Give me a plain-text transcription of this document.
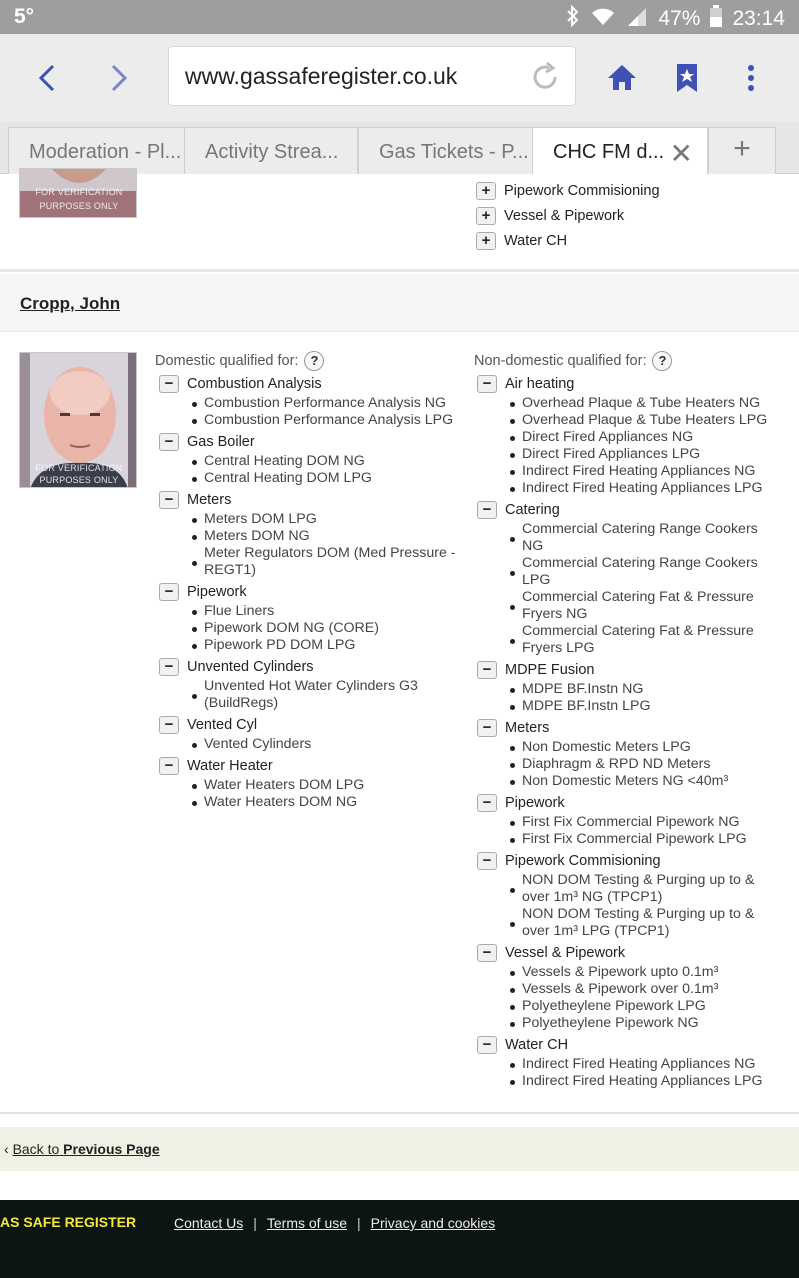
5°	47% 23:14
www.gassaferegister.co.uk
Moderation - Pl...	Activity Strea...	Gas Tickets - P...	CHC FM d... ✕	+
FOR VERIFICATION
PURPOSES ONLY
+ Pipework Commisioning
+ Vessel & Pipework
+ Water CH
Cropp, John
FOR VERIFICATION
PURPOSES ONLY
Domestic qualified for: ?	Non-domestic qualified for: ?
− Combustion Analysis
Combustion Performance Analysis NG
Combustion Performance Analysis LPG
− Gas Boiler
Central Heating DOM NG
Central Heating DOM LPG
− Meters
Meters DOM LPG
Meters DOM NG
Meter Regulators DOM (Med Pressure -
REGT1)
− Pipework
Flue Liners
Pipework DOM NG (CORE)
Pipework PD DOM LPG
− Unvented Cylinders
Unvented Hot Water Cylinders G3
(BuildRegs)
− Vented Cyl
Vented Cylinders
− Water Heater
Water Heaters DOM LPG
Water Heaters DOM NG
− Air heating
Overhead Plaque & Tube Heaters NG
Overhead Plaque & Tube Heaters LPG
Direct Fired Appliances NG
Direct Fired Appliances LPG
Indirect Fired Heating Appliances NG
Indirect Fired Heating Appliances LPG
− Catering
Commercial Catering Range Cookers
NG
Commercial Catering Range Cookers
LPG
Commercial Catering Fat & Pressure
Fryers NG
Commercial Catering Fat & Pressure
Fryers LPG
− MDPE Fusion
MDPE BF.Instn NG
MDPE BF.Instn LPG
− Meters
Non Domestic Meters LPG
Diaphragm & RPD ND Meters
Non Domestic Meters NG <40m³
− Pipework
First Fix Commercial Pipework NG
First Fix Commercial Pipework LPG
− Pipework Commisioning
NON DOM Testing & Purging up to &
over 1m³ NG (TPCP1)
NON DOM Testing & Purging up to &
over 1m³ LPG (TPCP1)
− Vessel & Pipework
Vessels & Pipework upto 0.1m³
Vessels & Pipework over 0.1m³
Polyetheylene Pipework LPG
Polyetheylene Pipework NG
− Water CH
Indirect Fired Heating Appliances NG
Indirect Fired Heating Appliances LPG
‹ Back to Previous Page
AS SAFE REGISTER	Contact Us | Terms of use | Privacy and cookies
